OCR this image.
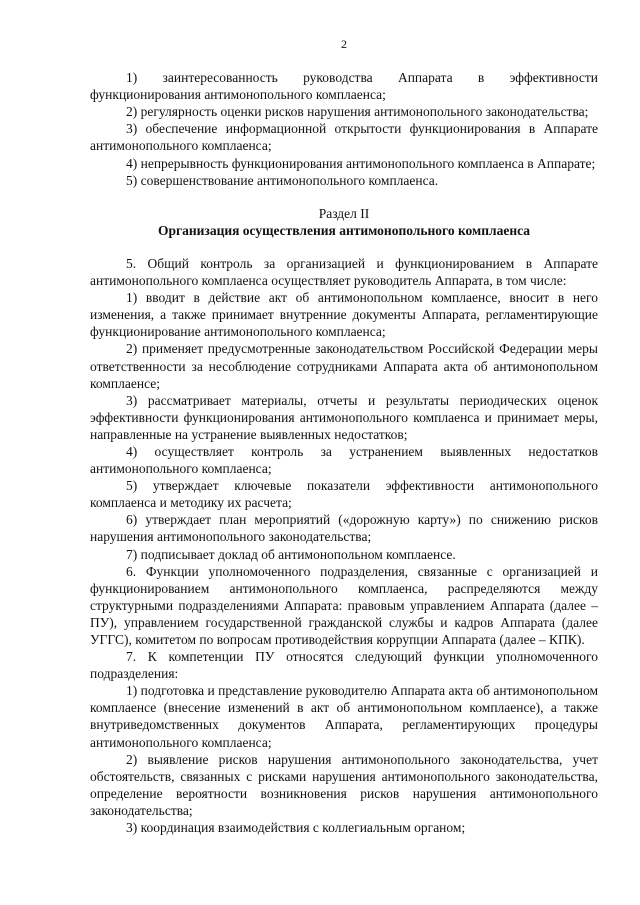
2

1) заинтересованность руководства Аппарата в эффективности функционирования антимонопольного комплаенса;

2) регулярность оценки рисков нарушения антимонопольного законодательства;

3) обеспечение информационной открытости функционирования в Аппарате антимонопольного комплаенса;

4) непрерывность функционирования антимонопольного комплаенса в Аппарате;

5) совершенствование антимонопольного комплаенса.

Раздел II

Организация осуществления антимонопольного комплаенса

5. Общий контроль за организацией и функционированием в Аппарате антимонопольного комплаенса осуществляет руководитель Аппарата, в том числе:

1) вводит в действие акт об антимонопольном комплаенсе, вносит в него изменения, а также принимает внутренние документы Аппарата, регламентирующие функционирование антимонопольного комплаенса;

2) применяет предусмотренные законодательством Российской Федерации меры ответственности за несоблюдение сотрудниками Аппарата акта об антимонопольном комплаенсе;

3) рассматривает материалы, отчеты и результаты периодических оценок эффективности функционирования антимонопольного комплаенса и принимает меры, направленные на устранение выявленных недостатков;

4) осуществляет контроль за устранением выявленных недостатков антимонопольного комплаенса;

5) утверждает ключевые показатели эффективности антимонопольного комплаенса и методику их расчета;

6) утверждает план мероприятий («дорожную карту») по снижению рисков нарушения антимонопольного законодательства;

7) подписывает доклад об антимонопольном комплаенсе.

6. Функции уполномоченного подразделения, связанные с организацией и функционированием антимонопольного комплаенса, распределяются между структурными подразделениями Аппарата: правовым управлением Аппарата (далее – ПУ), управлением государственной гражданской службы и кадров Аппарата (далее УГГС), комитетом по вопросам противодействия коррупции Аппарата (далее – КПК).

7. К компетенции ПУ относятся следующий функции уполномоченного подразделения:

1) подготовка и представление руководителю Аппарата акта об антимонопольном комплаенсе (внесение изменений в акт об антимонопольном комплаенсе), а также внутриведомственных документов Аппарата, регламентирующих процедуры антимонопольного комплаенса;

2) выявление рисков нарушения антимонопольного законодательства, учет обстоятельств, связанных с рисками нарушения антимонопольного законодательства, определение вероятности возникновения рисков нарушения антимонопольного законодательства;

3) координация взаимодействия с коллегиальным органом;
